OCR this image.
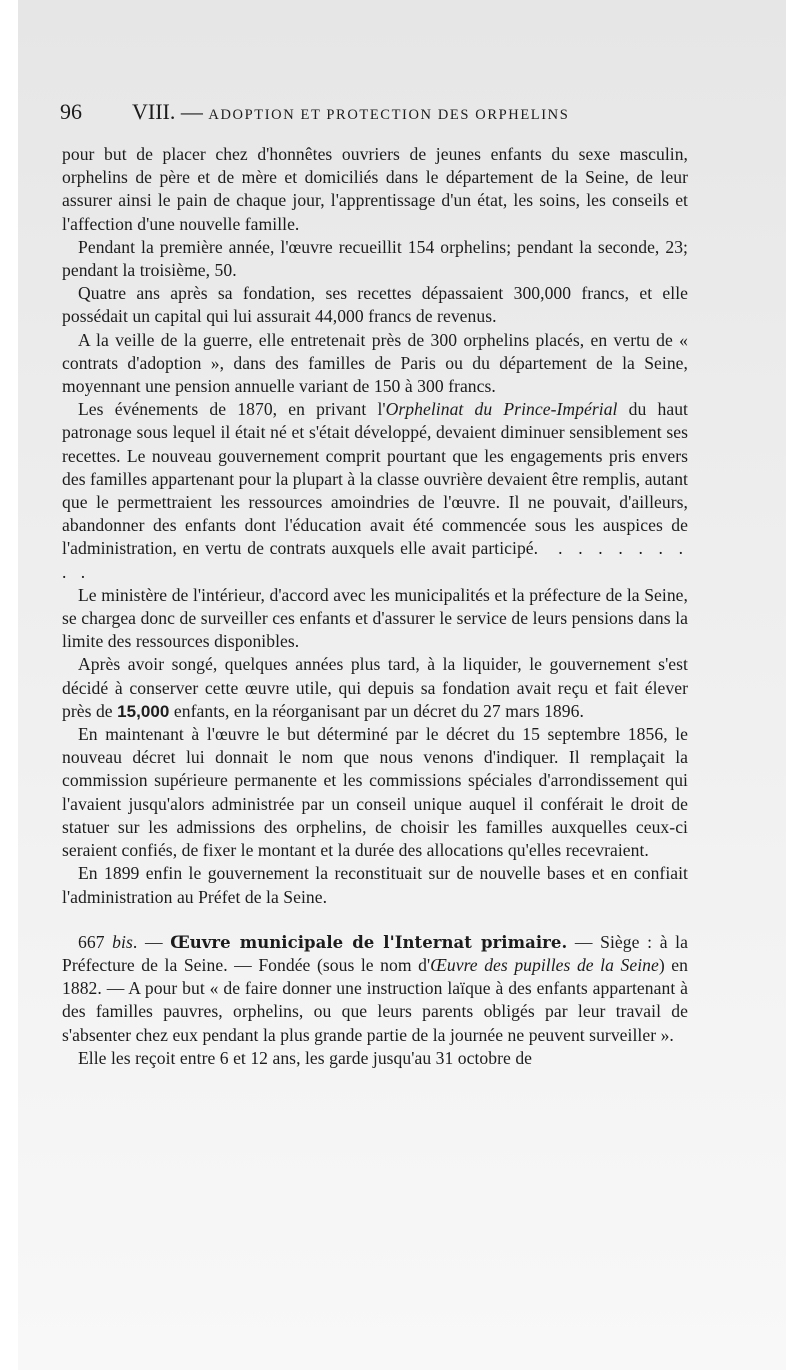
96 VIII. — ADOPTION ET PROTECTION DES ORPHELINS

pour but de placer chez d'honnêtes ouvriers de jeunes enfants du sexe masculin, orphelins de père et de mère et domiciliés dans le département de la Seine, de leur assurer ainsi le pain de chaque jour, l'apprentissage d'un état, les soins, les conseils et l'affection d'une nouvelle famille.

Pendant la première année, l'œuvre recueillit 154 orphelins; pendant la seconde, 23; pendant la troisième, 50.

Quatre ans après sa fondation, ses recettes dépassaient 300,000 francs, et elle possédait un capital qui lui assurait 44,000 francs de revenus.

A la veille de la guerre, elle entretenait près de 300 orphelins placés, en vertu de « contrats d'adoption », dans des familles de Paris ou du département de la Seine, moyennant une pension annuelle variant de 150 à 300 francs.

Les événements de 1870, en privant l'Orphelinat du Prince-Impérial du haut patronage sous lequel il était né et s'était développé, devaient diminuer sensiblement ses recettes. Le nouveau gouvernement comprit pourtant que les engagements pris envers des familles appartenant pour la plupart à la classe ouvrière devaient être remplis, autant que le permettraient les ressources amoindries de l'œuvre. Il ne pouvait, d'ailleurs, abandonner des enfants dont l'éducation avait été commencée sous les auspices de l'administration, en vertu de contrats auxquels elle avait participé. . . . . . . . . .

Le ministère de l'intérieur, d'accord avec les municipalités et la préfecture de la Seine, se chargea donc de surveiller ces enfants et d'assurer le service de leurs pensions dans la limite des ressources disponibles.

Après avoir songé, quelques années plus tard, à la liquider, le gouvernement s'est décidé à conserver cette œuvre utile, qui depuis sa fondation avait reçu et fait élever près de 15,000 enfants, en la réorganisant par un décret du 27 mars 1896.

En maintenant à l'œuvre le but déterminé par le décret du 15 septembre 1856, le nouveau décret lui donnait le nom que nous venons d'indiquer. Il remplaçait la commission supérieure permanente et les commissions spéciales d'arrondissement qui l'avaient jusqu'alors administrée par un conseil unique auquel il conférait le droit de statuer sur les admissions des orphelins, de choisir les familles auxquelles ceux-ci seraient confiés, de fixer le montant et la durée des allocations qu'elles recevraient.

En 1899 enfin le gouvernement la reconstituait sur de nouvelle bases et en confiait l'administration au Préfet de la Seine.

667 bis. — Œuvre municipale de l'Internat primaire. — Siège : à la Préfecture de la Seine. — Fondée (sous le nom d'Œuvre des pupilles de la Seine) en 1882. — A pour but « de faire donner une instruction laïque à des enfants appartenant à des familles pauvres, orphelins, ou que leurs parents obligés par leur travail de s'absenter chez eux pendant la plus grande partie de la journée ne peuvent surveiller ».

Elle les reçoit entre 6 et 12 ans, les garde jusqu'au 31 octobre de
